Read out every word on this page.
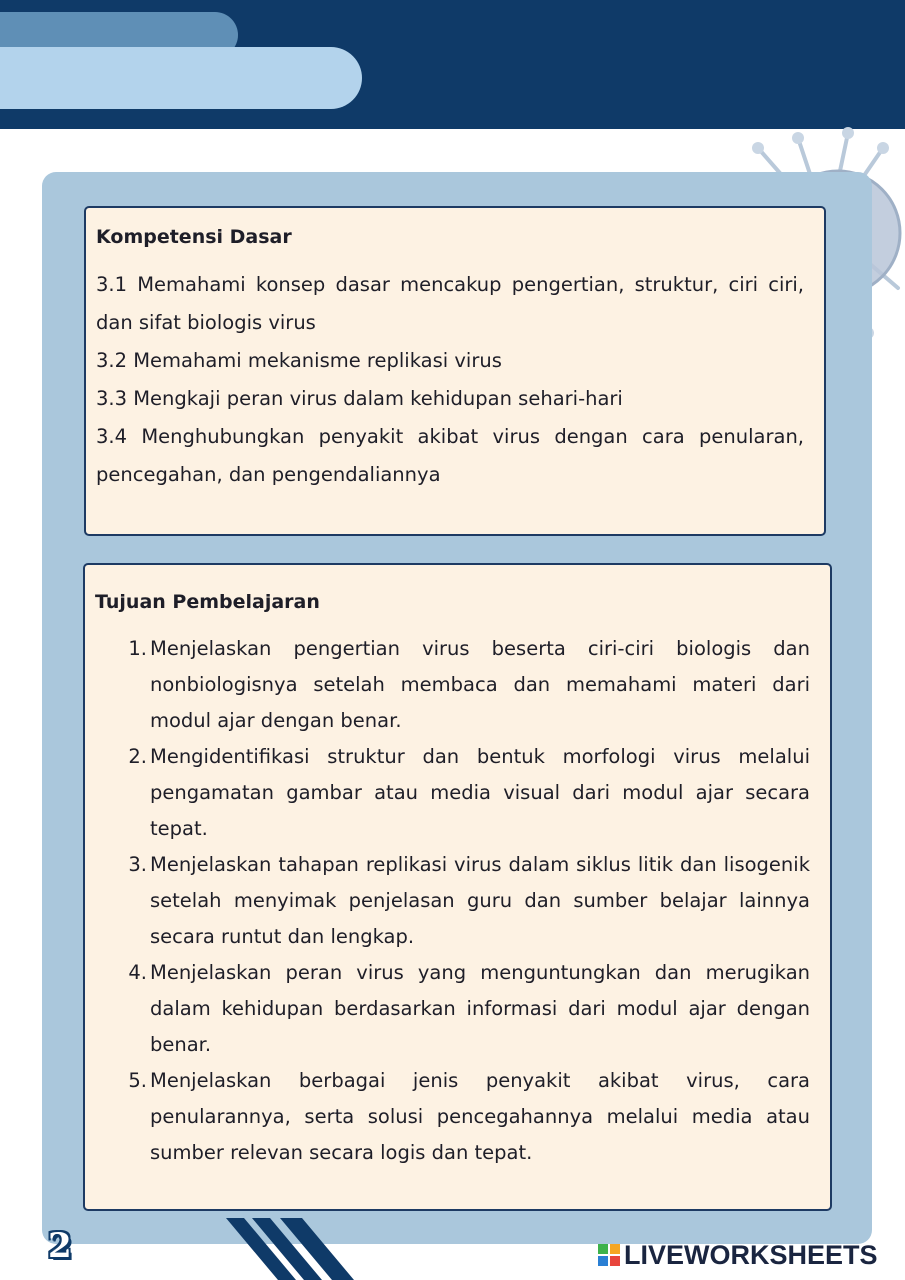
Kompetensi Dasar
3.1 Memahami konsep dasar mencakup pengertian, struktur, ciri ciri, dan sifat biologis virus
3.2 Memahami mekanisme replikasi virus
3.3 Mengkaji peran virus dalam kehidupan sehari-hari
3.4 Menghubungkan penyakit akibat virus dengan cara penularan, pencegahan, dan pengendaliannya
Tujuan Pembelajaran
1. Menjelaskan pengertian virus beserta ciri-ciri biologis dan nonbiologisnya setelah membaca dan memahami materi dari modul ajar dengan benar.
2. Mengidentifikasi struktur dan bentuk morfologi virus melalui pengamatan gambar atau media visual dari modul ajar secara tepat.
3. Menjelaskan tahapan replikasi virus dalam siklus litik dan lisogenik setelah menyimak penjelasan guru dan sumber belajar lainnya secara runtut dan lengkap.
4. Menjelaskan peran virus yang menguntungkan dan merugikan dalam kehidupan berdasarkan informasi dari modul ajar dengan benar.
5. Menjelaskan berbagai jenis penyakit akibat virus, cara penularannya, serta solusi pencegahannya melalui media atau sumber relevan secara logis dan tepat.
2	LIVEWORKSHEETS
